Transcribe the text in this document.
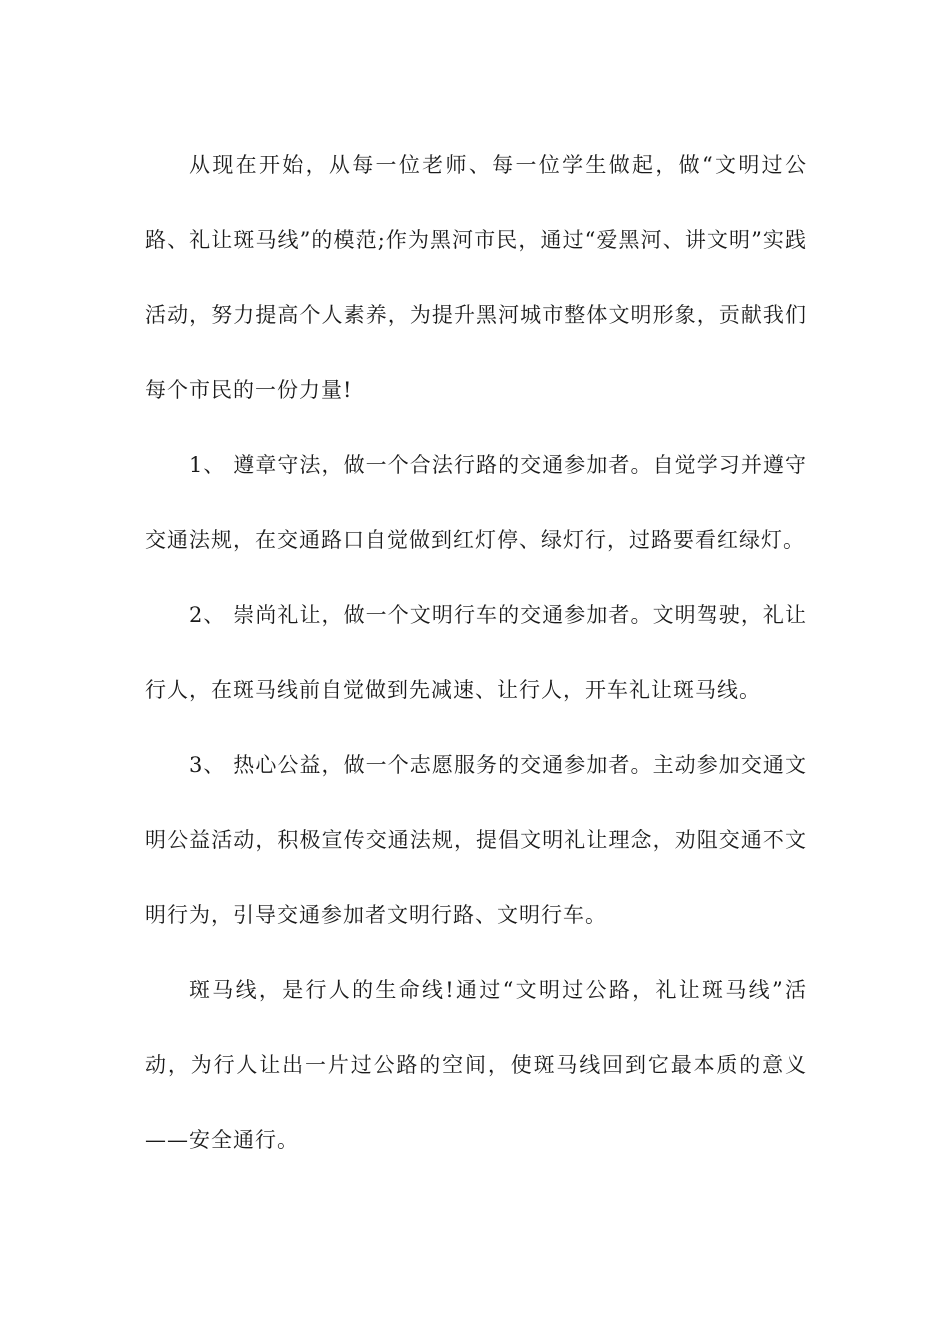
从现在开始，从每一位老师、每一位学生做起，做“文明过公路、礼让斑马线”的模范;作为黑河市民，通过“爱黑河、讲文明”实践活动，努力提高个人素养，为提升黑河城市整体文明形象，贡献我们每个市民的一份力量!

1、 遵章守法，做一个合法行路的交通参加者。自觉学习并遵守交通法规，在交通路口自觉做到红灯停、绿灯行，过路要看红绿灯。

2、 崇尚礼让，做一个文明行车的交通参加者。文明驾驶，礼让行人，在斑马线前自觉做到先减速、让行人，开车礼让斑马线。

3、 热心公益，做一个志愿服务的交通参加者。主动参加交通文明公益活动，积极宣传交通法规，提倡文明礼让理念，劝阻交通不文明行为，引导交通参加者文明行路、文明行车。

斑马线，是行人的生命线!通过“文明过公路，礼让斑马线”活动，为行人让出一片过公路的空间，使斑马线回到它最本质的意义——安全通行。
